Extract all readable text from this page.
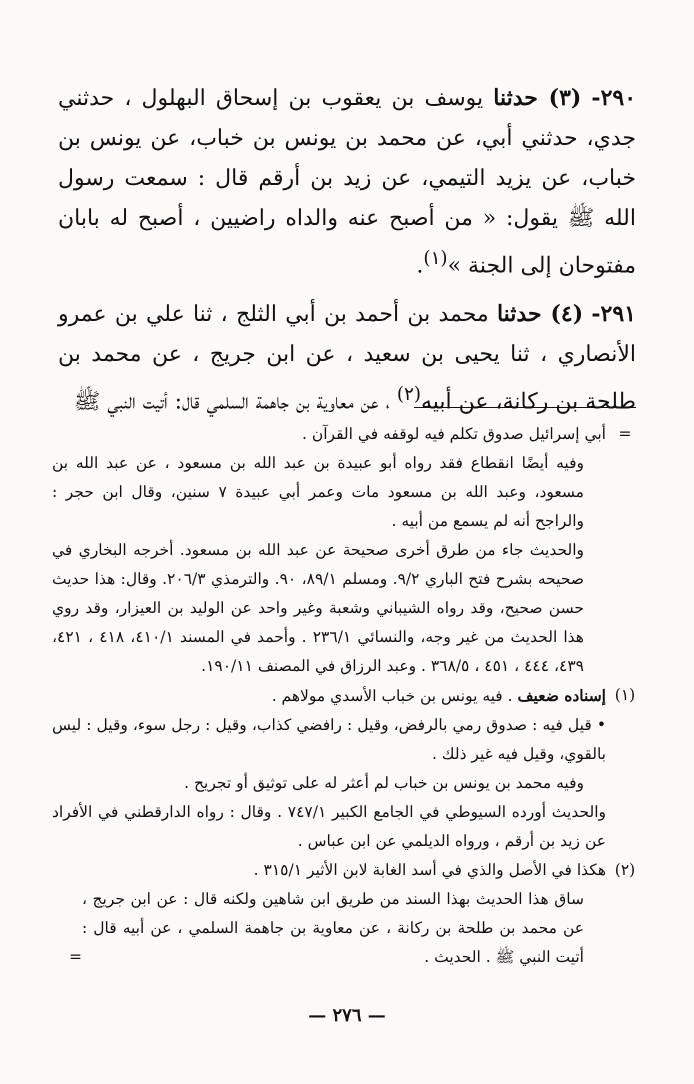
٢٩٠- (٣) حدثنا يوسف بن يعقوب بن إسحاق البهلول ، حدثني جدي، حدثني أبي، عن محمد بن يونس بن خباب، عن يونس بن خباب، عن يزيد التيمي، عن زيد بن أرقم قال : سمعت رسول الله ﷺ يقول: « من أصبح عنه والداه راضيين ، أصبح له بابان مفتوحان إلى الجنة »$^{(١)}$.

٢٩١- (٤) حدثنا محمد بن أحمد بن أبي الثلج ، ثنا علي بن عمرو الأنصاري ، ثنا يحيى بن سعيد ، عن ابن جريج ، عن محمد بن طلحة بن ركانة، عن أبيه$^{(٢)}$ ، عن معاوية بن جاهمة السلمي قال: أتيت النبي ﷺ

=
أبي إسرائيل صدوق تكلم فيه لوقفه في القرآن .
وفيه أيضًا انقطاع فقد رواه أبو عبيدة بن عبد الله بن مسعود ، عن عبد الله بن مسعود، وعبد الله بن مسعود مات وعمر أبي عبيدة ٧ سنين، وقال ابن حجر : والراجح أنه لم يسمع من أبيه .
والحديث جاء من طرق أخرى صحيحة عن عبد الله بن مسعود. أخرجه البخاري في صحيحه بشرح فتح الباري ٩/٢. ومسلم ٨٩/١، ٩٠. والترمذي ٢٠٦/٣. وقال: هذا حديث حسن صحيح، وقد رواه الشيباني وشعبة وغير واحد عن الوليد بن العيزار، وقد روي هذا الحديث من غير وجه، والنسائي ٢٣٦/١ . وأحمد في المسند ٤١٠/١، ٤١٨ ، ٤٢١، ٤٣٩، ٤٤٤ ، ٤٥١ ، ٣٦٨/٥ . وعبد الرزاق في المصنف ١٩٠/١١.
(١)
إسناده ضعيف . فيه يونس بن خباب الأسدي مولاهم .
• قيل فيه : صدوق رمي بالرفض، وقيل : رافضي كذاب، وقيل : رجل سوء، وقيل : ليس بالقوي، وقيل فيه غير ذلك .
وفيه محمد بن يونس بن خباب لم أعثر له على توثيق أو تجريح .
والحديث أورده السيوطي في الجامع الكبير ٧٤٧/١ . وقال : رواه الدارقطني في الأفراد عن زيد بن أرقم ، ورواه الديلمي عن ابن عباس .
(٢)
هكذا في الأصل والذي في أسد الغابة لابن الأثير ٣١٥/١ .
ساق هذا الحديث بهذا السند من طريق ابن شاهين ولكنه قال : عن ابن جريج ، عن محمد بن طلحة بن ركانة ، عن معاوية بن جاهمة السلمي ، عن أبيه قال : أتيت النبي ﷺ . الحديث .
=
— ٢٧٦ —
